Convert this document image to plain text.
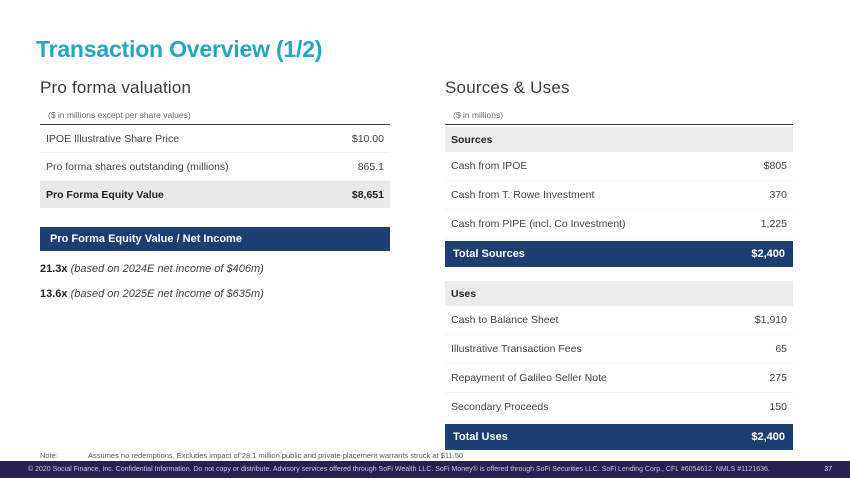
Transaction Overview (1/2)
Pro forma valuation
($ in millions except per share values)
IPOE Illustrative Share Price	$10.00
Pro forma shares outstanding (millions)	865.1
Pro Forma Equity Value	$8,651
Pro Forma Equity Value / Net Income
21.3x (based on 2024E net income of $406m)
13.6x (based on 2025E net income of $635m)
Sources & Uses
($ in millions)
Sources
Cash from IPOE	$805
Cash from T. Rowe Investment	370
Cash from PIPE (incl. Co Investment)	1,225
Total Sources	$2,400
Uses
Cash to Balance Sheet	$1,910
Illustrative Transaction Fees	65
Repayment of Galileo Seller Note	275
Secondary Proceeds	150
Total Uses	$2,400
Note:	Assumes no redemptions. Excludes impact of 28.1 million public and private placement warrants struck at $11.50
© 2020 Social Finance, Inc. Confidential Information. Do not copy or distribute. Advisory services offered through SoFi Wealth LLC. SoFi Money® is offered through SoFi Securities LLC. SoFi Lending Corp., CFL #6054612. NMLS #1121636.	37
